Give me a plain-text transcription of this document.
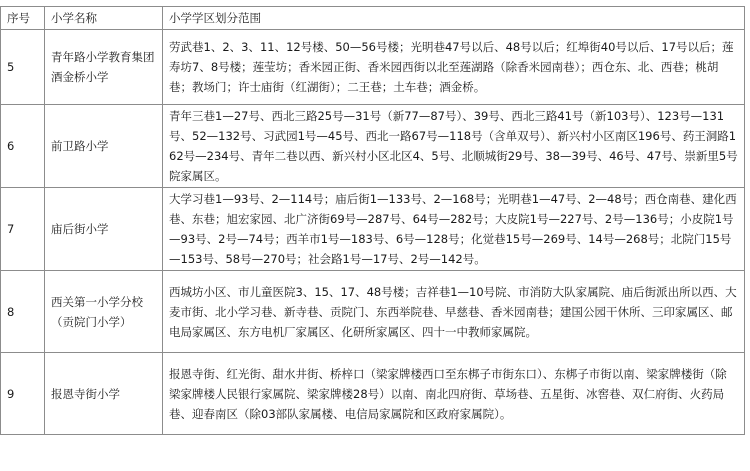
序号	小学名称	小学学区划分范围
5	青年路小学教育集团酒金桥小学	劳武巷1、2、3、11、12号楼、50—56号楼；光明巷47号以后、48号以后；红埠街40号以后、17号以后；莲寿坊7、8号楼；莲莹坊；香米园正街、香米园西街以北至莲湖路（除香米园南巷）；西仓东、北、西巷；桃胡巷；教场门；许士庙街（红湖街）；二王巷；土车巷；酒金桥。
6	前卫路小学	青年三巷1—27号、西北三路25号—31号（新77—87号）、39号、西北三路41号（新103号）、123号—131号、52—132号、习武园1号—45号、西北一路67号—118号（含单双号）、新兴村小区南区196号、药王洞路162号—234号、青年二巷以西、新兴村小区北区4、5号、北顺城街29号、38—39号、46号、47号、崇新里5号院家属区。
7	庙后街小学	大学习巷1—93号、2—114号；庙后街1—133号、2—168号；光明巷1—47号、2—48号；西仓南巷、建化西巷、东巷；旭宏家园、北广济街69号—287号、64号—282号；大皮院1号—227号、2号—136号；小皮院1号—93号、2号—74号；西羊市1号—183号、6号—128号；化觉巷15号—269号、14号—268号；北院门15号—153号、58号—270号；社会路1号—17号、2号—142号。
8	西关第一小学分校（贡院门小学）	西城坊小区、市儿童医院3、15、17、48号楼；吉祥巷1—10号院、市消防大队家属院、庙后街派出所以西、大麦市街、北小学习巷、新寺巷、贡院门、东西举院巷、早慈巷、香米园南巷；建国公园干休所、三印家属区、邮电局家属区、东方电机厂家属区、化研所家属区、四十一中教师家属院。
9	报恩寺街小学	报恩寺街、红光街、甜水井街、桥梓口（梁家牌楼西口至东梆子市街东口）、东梆子市街以南、梁家牌楼街（除梁家牌楼人民银行家属院、梁家牌楼28号）以南、南北四府街、草场巷、五星街、冰窖巷、双仁府街、火药局巷、迎春南区（除03部队家属楼、电信局家属院和区政府家属院）。
